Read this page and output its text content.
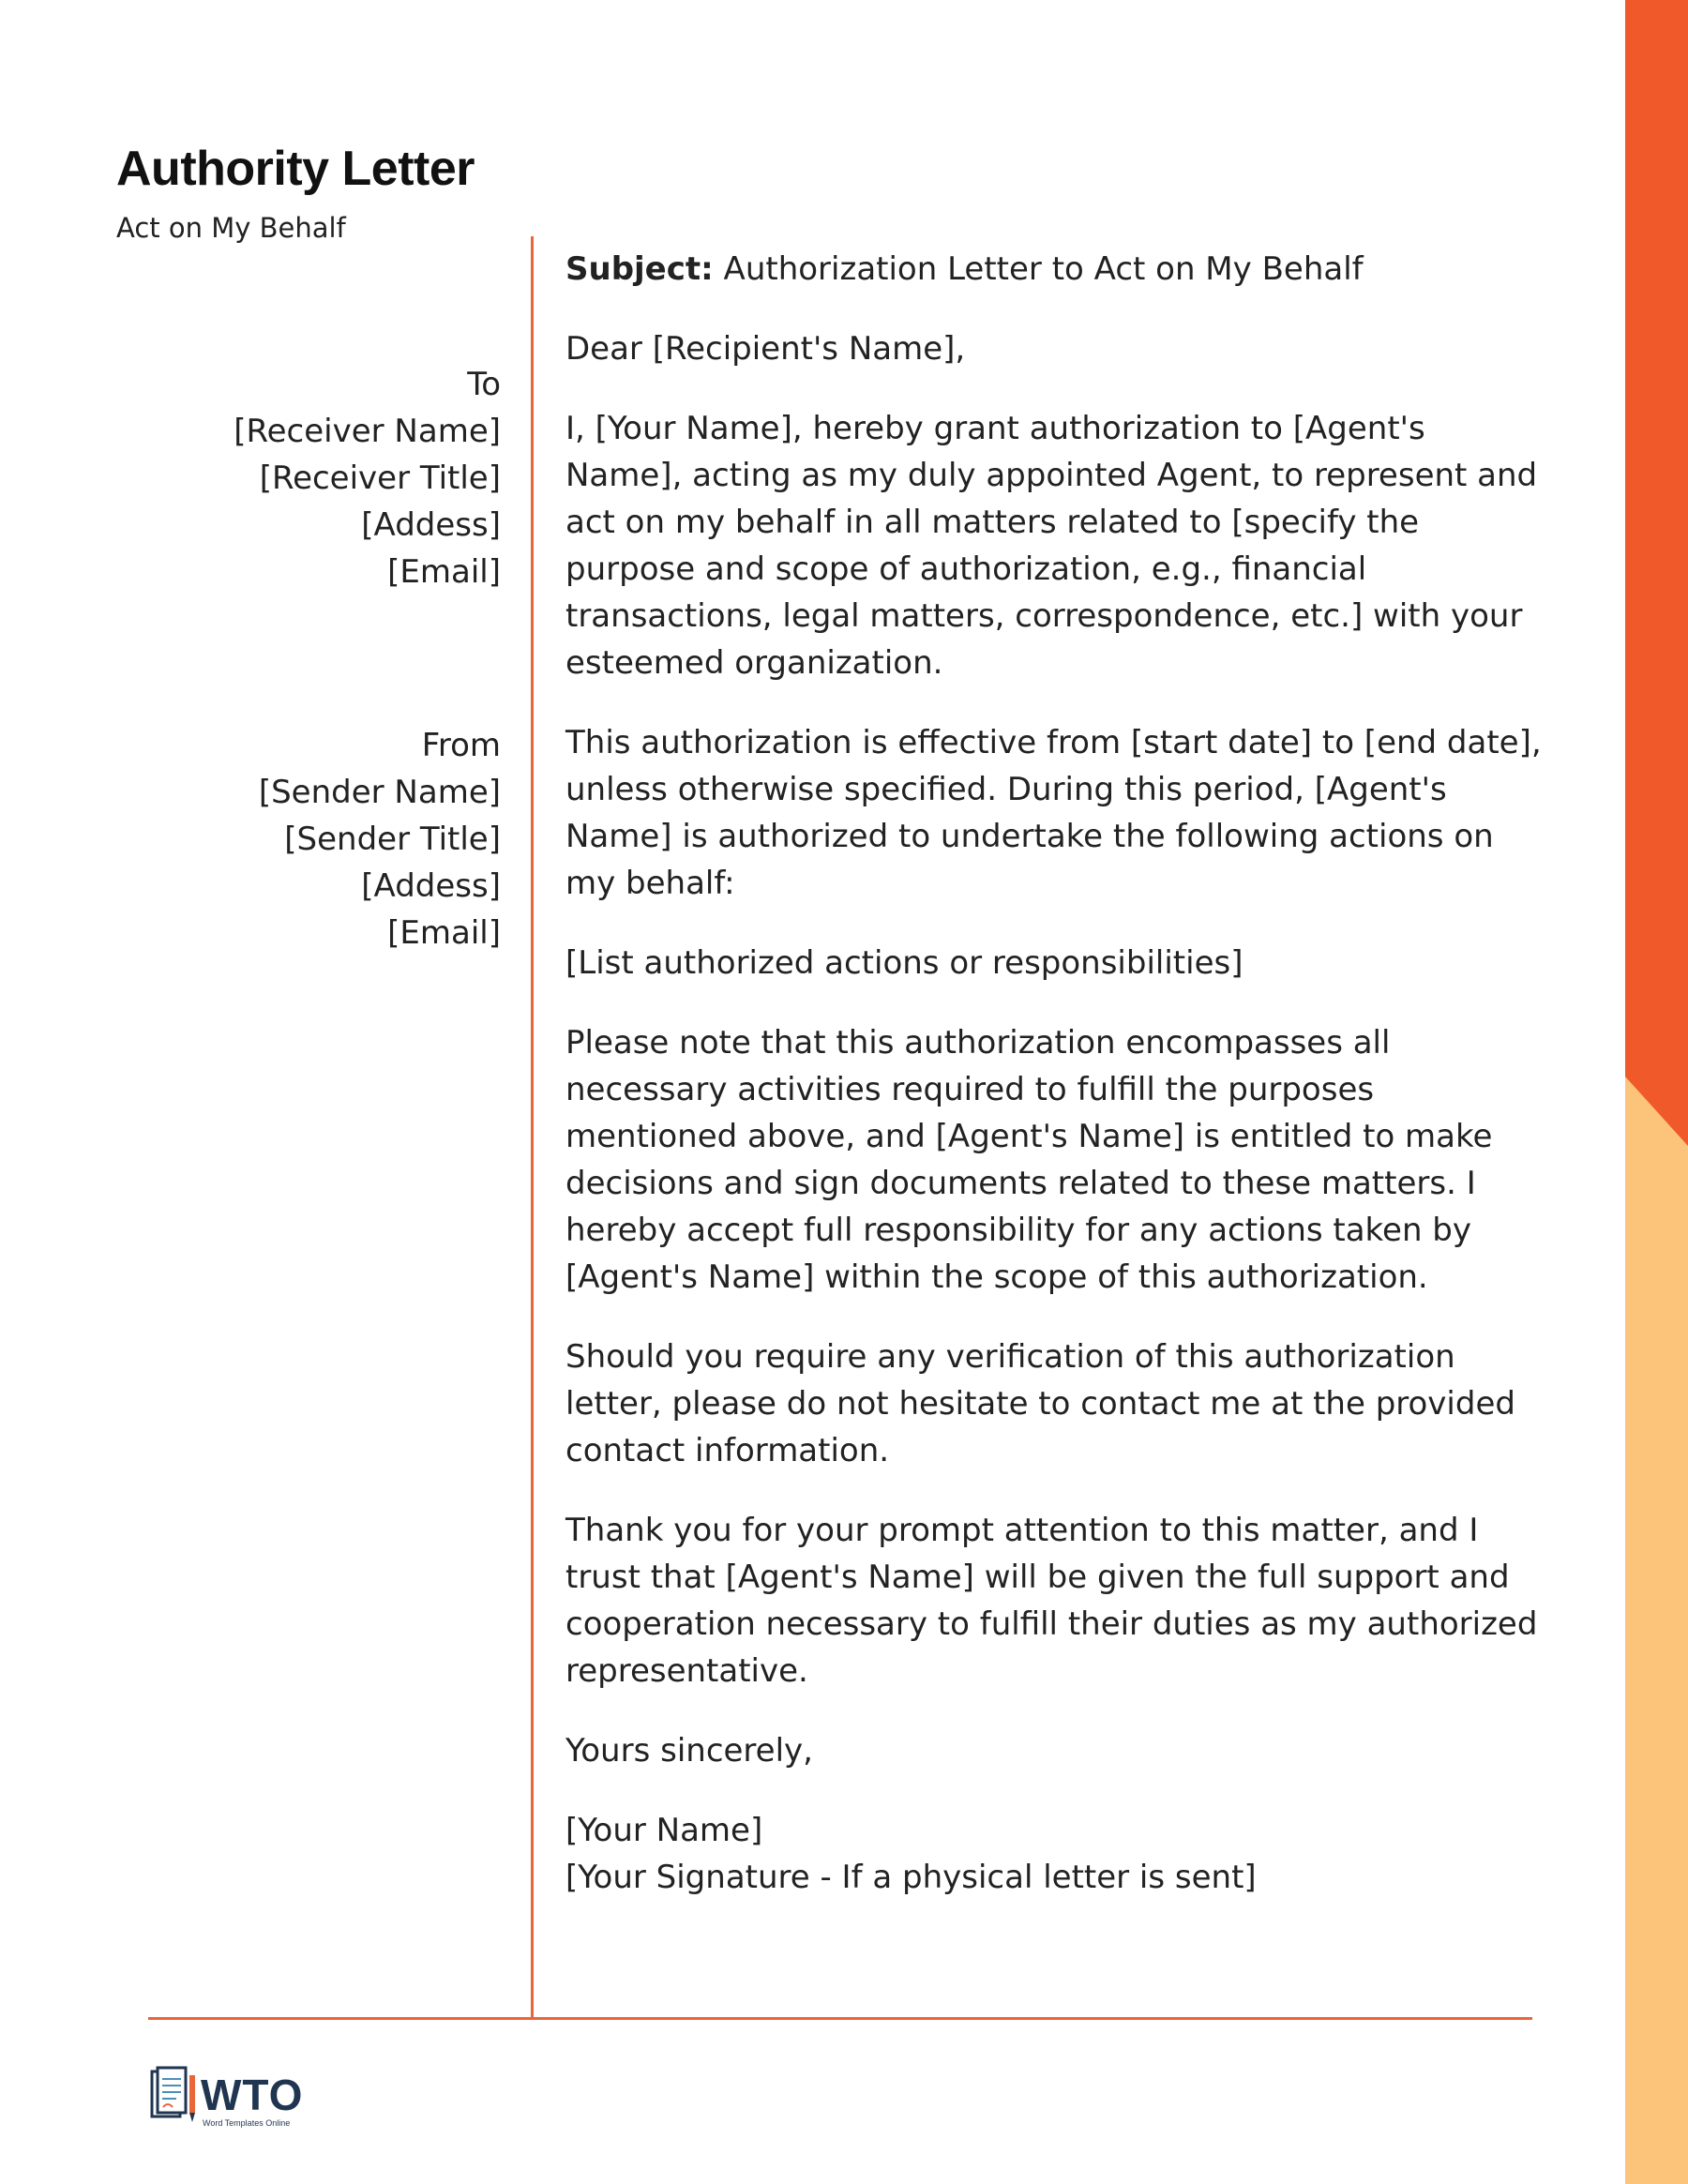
Authority Letter
Act on My Behalf
To
[Receiver Name]
[Receiver Title]
[Addess]
[Email]
From
[Sender Name]
[Sender Title]
[Addess]
[Email]

Subject: Authorization Letter to Act on My Behalf

Dear [Recipient's Name],

I, [Your Name], hereby grant authorization to [Agent's Name], acting as my duly appointed Agent, to represent and act on my behalf in all matters related to [specify the purpose and scope of authorization, e.g., financial transactions, legal matters, correspondence, etc.] with your esteemed organization.

This authorization is effective from [start date] to [end date], unless otherwise specified. During this period, [Agent's Name] is authorized to undertake the following actions on my behalf:

[List authorized actions or responsibilities]

Please note that this authorization encompasses all necessary activities required to fulfill the purposes mentioned above, and [Agent's Name] is entitled to make decisions and sign documents related to these matters. I hereby accept full responsibility for any actions taken by [Agent's Name] within the scope of this authorization.

Should you require any verification of this authorization letter, please do not hesitate to contact me at the provided contact information.

Thank you for your prompt attention to this matter, and I trust that [Agent's Name] will be given the full support and cooperation necessary to fulfill their duties as my authorized representative.

Yours sincerely,

[Your Name]
[Your Signature - If a physical letter is sent]

WTO
Word Templates Online
